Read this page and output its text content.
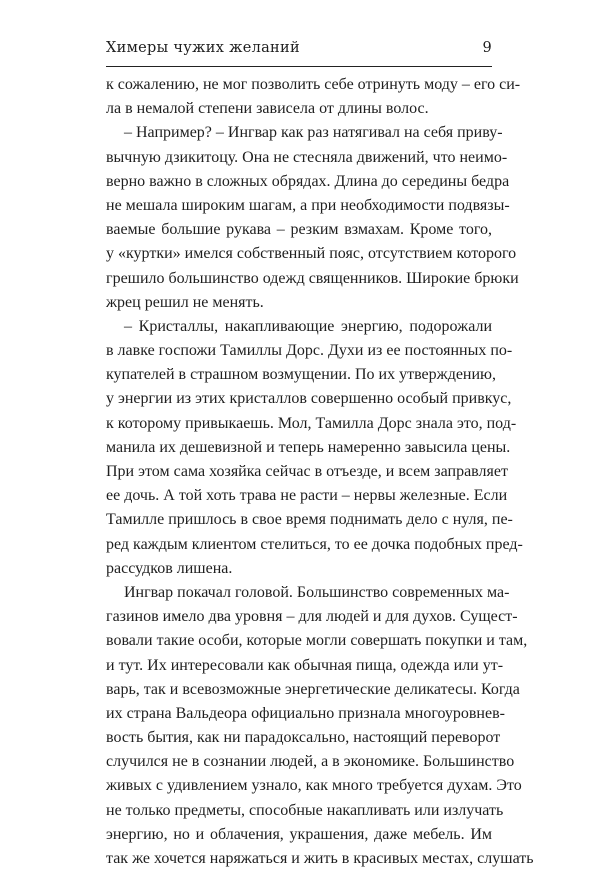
Химеры чужих желаний	9
к сожалению, не мог позволить себе отринуть моду – его си-
ла в немалой степени зависела от длины волос.
– Например? – Ингвар как раз натягивал на себя приву-
вычную дзикитоцу. Она не стесняла движений, что неимо-
верно важно в сложных обрядах. Длина до середины бедра
не мешала широким шагам, а при необходимости подвязы-
ваемые большие рукава – резким взмахам. Кроме того,
у «куртки» имелся собственный пояс, отсутствием которого
грешило большинство одежд священников. Широкие брюки
жрец решил не менять.
– Кристаллы, накапливающие энергию, подорожали
в лавке госпожи Тамиллы Дорс. Духи из ее постоянных по-
купателей в страшном возмущении. По их утверждению,
у энергии из этих кристаллов совершенно особый привкус,
к которому привыкаешь. Мол, Тамилла Дорс знала это, под-
манила их дешевизной и теперь намеренно завысила цены.
При этом сама хозяйка сейчас в отъезде, и всем заправляет
ее дочь. А той хоть трава не расти – нервы железные. Если
Тамилле пришлось в свое время поднимать дело с нуля, пе-
ред каждым клиентом стелиться, то ее дочка подобных пред-
рассудков лишена.
Ингвар покачал головой. Большинство современных ма-
газинов имело два уровня – для людей и для духов. Сущест-
вовали такие особи, которые могли совершать покупки и там,
и тут. Их интересовали как обычная пища, одежда или ут-
варь, так и всевозможные энергетические деликатесы. Когда
их страна Вальдеора официально признала многоуровнев-
вость бытия, как ни парадоксально, настоящий переворот
случился не в сознании людей, а в экономике. Большинство
живых с удивлением узнало, как много требуется духам. Это
не только предметы, способные накапливать или излучать
энергию, но и облачения, украшения, даже мебель. Им
так же хочется наряжаться и жить в красивых местах, слушать
